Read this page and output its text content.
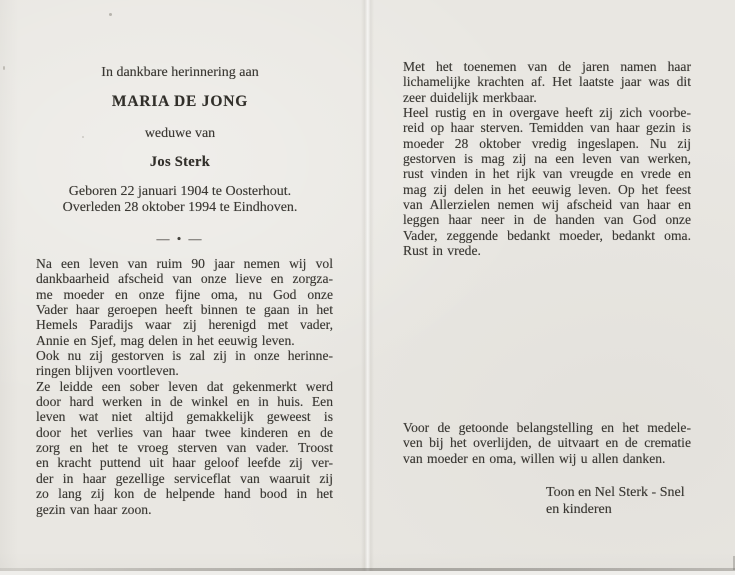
In dankbare herinnering aan
MARIA DE JONG
weduwe van
Jos Sterk
Geboren 22 januari 1904 te Oosterhout.
Overleden 28 oktober 1994 te Eindhoven.
— • —
Na een leven van ruim 90 jaar nemen wij vol
dankbaarheid afscheid van onze lieve en zorgza-
me moeder en onze fijne oma, nu God onze
Vader haar geroepen heeft binnen te gaan in het
Hemels Paradijs waar zij herenigd met vader,
Annie en Sjef, mag delen in het eeuwig leven.
Ook nu zij gestorven is zal zij in onze herinne-
ringen blijven voortleven.
Ze leidde een sober leven dat gekenmerkt werd
door hard werken in de winkel en in huis. Een
leven wat niet altijd gemakkelijk geweest is
door het verlies van haar twee kinderen en de
zorg en het te vroeg sterven van vader. Troost
en kracht puttend uit haar geloof leefde zij ver-
der in haar gezellige serviceflat van waaruit zij
zo lang zij kon de helpende hand bood in het
gezin van haar zoon.
Met het toenemen van de jaren namen haar
lichamelijke krachten af. Het laatste jaar was dit
zeer duidelijk merkbaar.
Heel rustig en in overgave heeft zij zich voorbe-
reid op haar sterven. Temidden van haar gezin is
moeder 28 oktober vredig ingeslapen. Nu zij
gestorven is mag zij na een leven van werken,
rust vinden in het rijk van vreugde en vrede en
mag zij delen in het eeuwig leven. Op het feest
van Allerzielen nemen wij afscheid van haar en
leggen haar neer in de handen van God onze
Vader, zeggende bedankt moeder, bedankt oma.
Rust in vrede.
Voor de getoonde belangstelling en het medele-
ven bij het overlijden, de uitvaart en de crematie
van moeder en oma, willen wij u allen danken.
Toon en Nel Sterk - Snel
en kinderen
